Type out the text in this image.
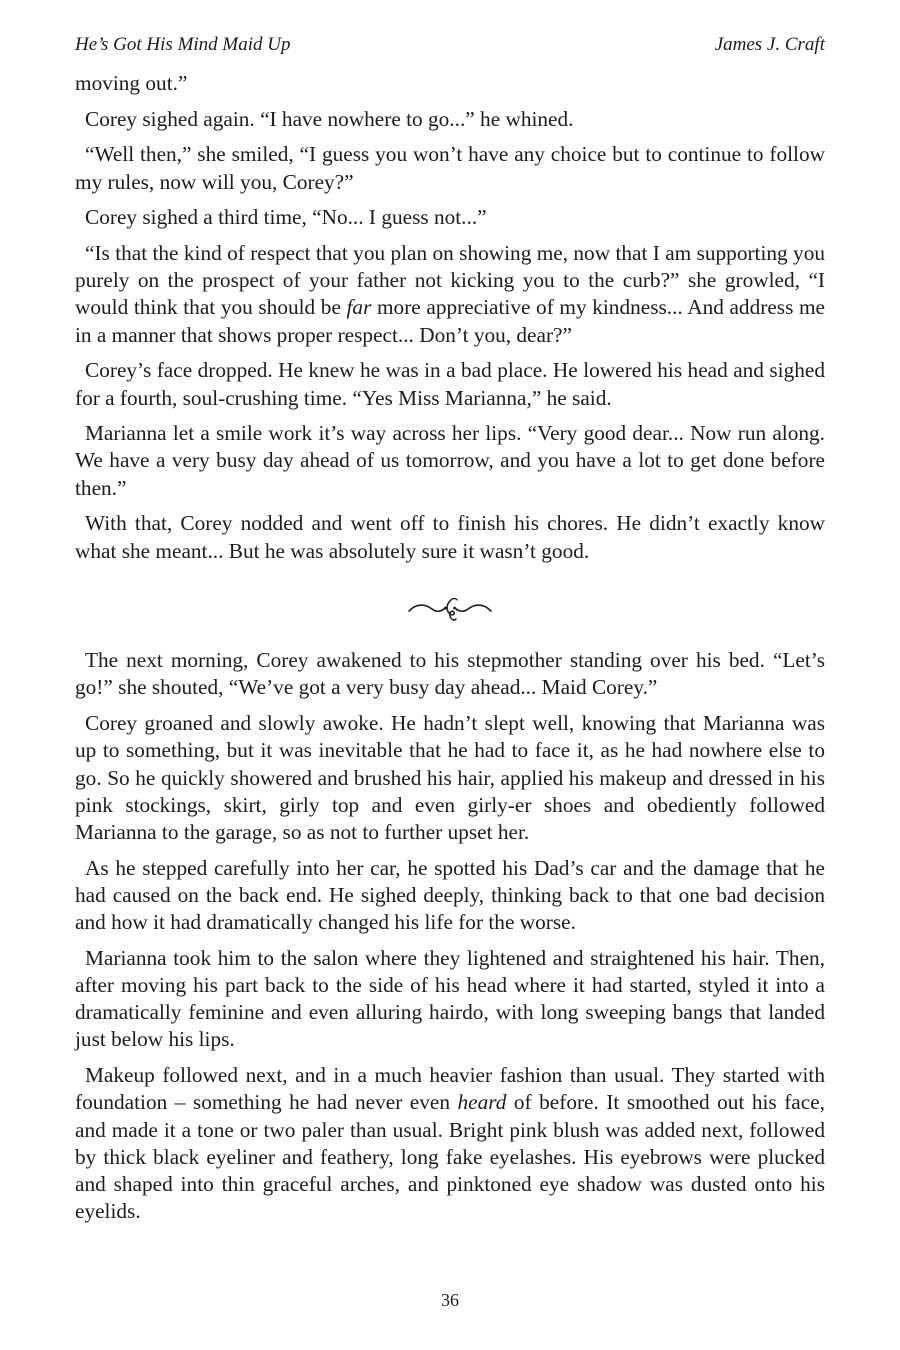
He’s Got His Mind Maid Up	James J. Craft

moving out.”

Corey sighed again. “I have nowhere to go...” he whined.

“Well then,” she smiled, “I guess you won’t have any choice but to continue to follow my rules, now will you, Corey?”

Corey sighed a third time, “No... I guess not...”

“Is that the kind of respect that you plan on showing me, now that I am supporting you purely on the prospect of your father not kicking you to the curb?” she growled, “I would think that you should be far more appreciative of my kindness... And address me in a manner that shows proper respect... Don’t you, dear?”

Corey’s face dropped. He knew he was in a bad place. He lowered his head and sighed for a fourth, soul-crushing time. “Yes Miss Marianna,” he said.

Marianna let a smile work it’s way across her lips. “Very good dear... Now run along. We have a very busy day ahead of us tomorrow, and you have a lot to get done before then.”

With that, Corey nodded and went off to finish his chores. He didn’t exactly know what she meant... But he was absolutely sure it wasn’t good.

The next morning, Corey awakened to his stepmother standing over his bed. “Let’s go!” she shouted, “We’ve got a very busy day ahead... Maid Corey.”

Corey groaned and slowly awoke. He hadn’t slept well, knowing that Marianna was up to something, but it was inevitable that he had to face it, as he had nowhere else to go. So he quickly showered and brushed his hair, applied his makeup and dressed in his pink stockings, skirt, girly top and even girly-er shoes and obediently followed Marianna to the garage, so as not to further upset her.

As he stepped carefully into her car, he spotted his Dad’s car and the damage that he had caused on the back end. He sighed deeply, thinking back to that one bad decision and how it had dramatically changed his life for the worse.

Marianna took him to the salon where they lightened and straightened his hair. Then, after moving his part back to the side of his head where it had started, styled it into a dramatically feminine and even alluring hairdo, with long sweeping bangs that landed just below his lips.

Makeup followed next, and in a much heavier fashion than usual. They started with foundation – something he had never even heard of before. It smoothed out his face, and made it a tone or two paler than usual. Bright pink blush was added next, followed by thick black eyeliner and feathery, long fake eyelashes. His eyebrows were plucked and shaped into thin graceful arches, and pinktoned eye shadow was dusted onto his eyelids.

36
